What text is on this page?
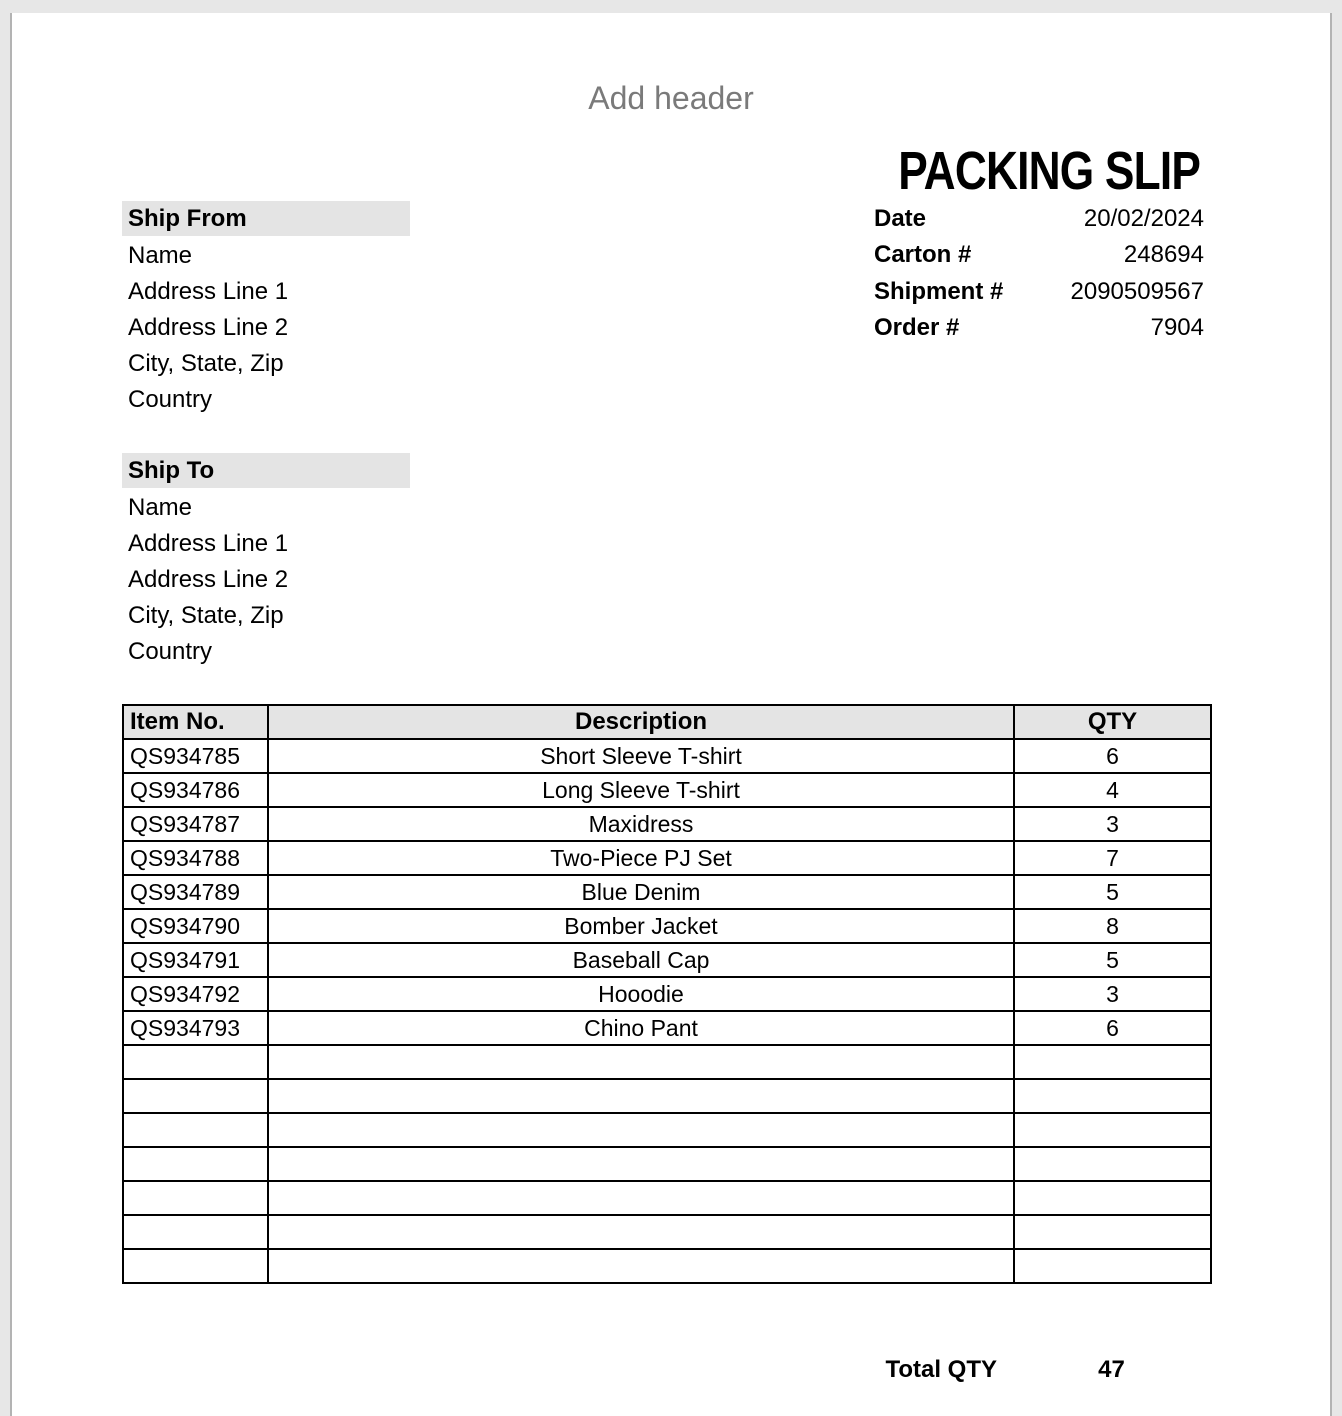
Add header
PACKING SLIP
Date	20/02/2024
Carton #	248694
Shipment #	2090509567
Order #	7904
Ship From
Name
Address Line 1
Address Line 2
City, State, Zip
Country
Ship To
Name
Address Line 1
Address Line 2
City, State, Zip
Country
Item No.	Description	QTY
QS934785	Short Sleeve T-shirt	6
QS934786	Long Sleeve T-shirt	4
QS934787	Maxidress	3
QS934788	Two-Piece PJ Set	7
QS934789	Blue Denim	5
QS934790	Bomber Jacket	8
QS934791	Baseball Cap	5
QS934792	Hooodie	3
QS934793	Chino Pant	6

Total QTY	47
